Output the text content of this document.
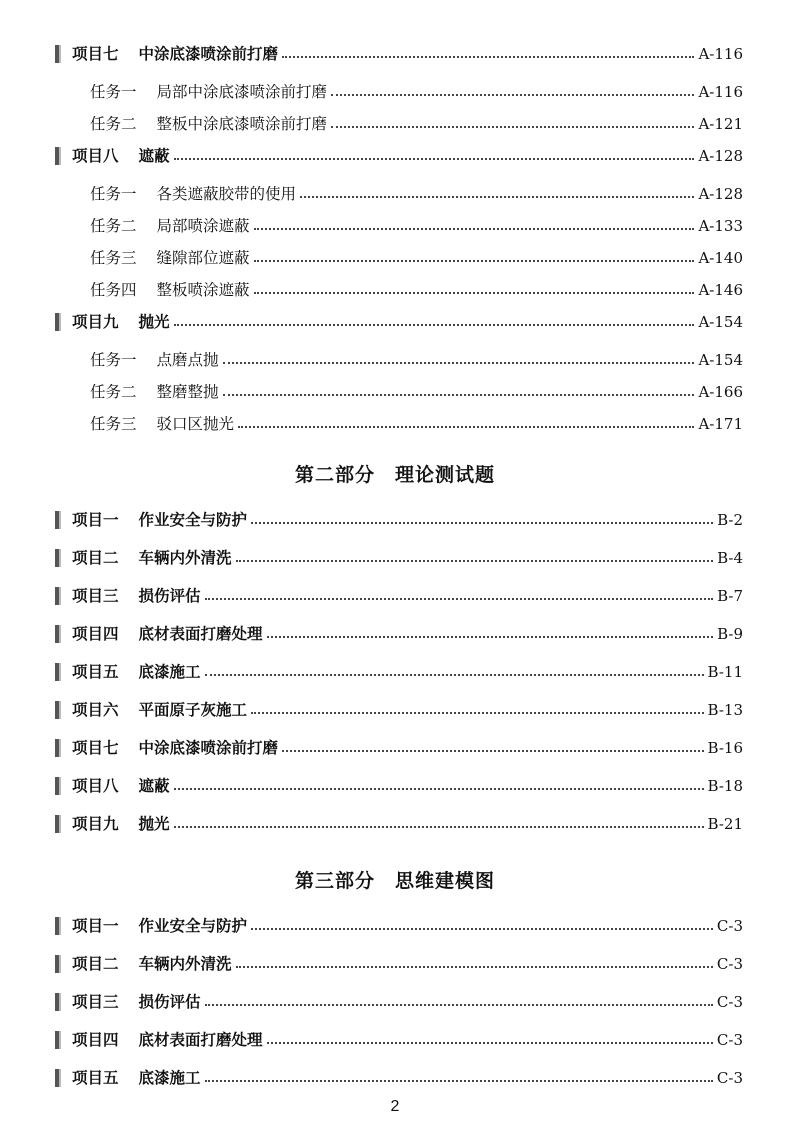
项目七 中涂底漆喷涂前打磨	A-116
任务一 局部中涂底漆喷涂前打磨	A-116
任务二 整板中涂底漆喷涂前打磨	A-121
项目八 遮蔽	A-128
任务一 各类遮蔽胶带的使用	A-128
任务二 局部喷涂遮蔽	A-133
任务三 缝隙部位遮蔽	A-140
任务四 整板喷涂遮蔽	A-146
项目九 抛光	A-154
任务一 点磨点抛	A-154
任务二 整磨整抛	A-166
任务三 驳口区抛光	A-171
第二部分　理论测试题
项目一 作业安全与防护	B-2
项目二 车辆内外清洗	B-4
项目三 损伤评估	B-7
项目四 底材表面打磨处理	B-9
项目五 底漆施工	B-11
项目六 平面原子灰施工	B-13
项目七 中涂底漆喷涂前打磨	B-16
项目八 遮蔽	B-18
项目九 抛光	B-21
第三部分　思维建模图
项目一 作业安全与防护	C-3
项目二 车辆内外清洗	C-3
项目三 损伤评估	C-3
项目四 底材表面打磨处理	C-3
项目五 底漆施工	C-3
2
